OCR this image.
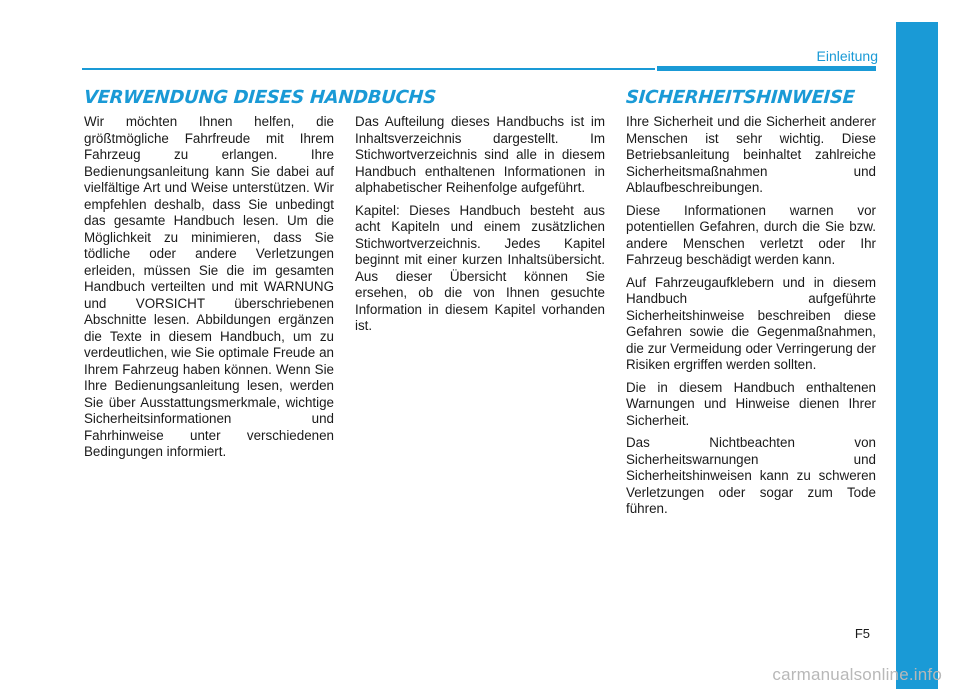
Einleitung
VERWENDUNG DIESES HANDBUCHS	SICHERHEITSHINWEISE

Wir möchten Ihnen helfen, die größtmögliche Fahrfreude mit Ihrem Fahrzeug zu erlangen. Ihre Bedienungsanleitung kann Sie dabei auf vielfältige Art und Weise unterstützen. Wir empfehlen deshalb, dass Sie unbedingt das gesamte Handbuch lesen. Um die Möglichkeit zu minimieren, dass Sie tödliche oder andere Verletzungen erleiden, müssen Sie die im gesamten Handbuch verteilten und mit WARNUNG und VORSICHT überschriebenen Abschnitte lesen. Abbildungen ergänzen die Texte in diesem Handbuch, um zu verdeutlichen, wie Sie optimale Freude an Ihrem Fahrzeug haben können. Wenn Sie Ihre Bedienungsanleitung lesen, werden Sie über Ausstattungsmerkmale, wichtige Sicherheitsinformationen und Fahrhinweise unter verschiedenen Bedingungen informiert.

Das Aufteilung dieses Handbuchs ist im Inhaltsverzeichnis dargestellt. Im Stichwortverzeichnis sind alle in diesem Handbuch enthaltenen Informationen in alphabetischer Reihenfolge aufgeführt.

Kapitel: Dieses Handbuch besteht aus acht Kapiteln und einem zusätzlichen Stichwortverzeichnis. Jedes Kapitel beginnt mit einer kurzen Inhaltsübersicht. Aus dieser Übersicht können Sie ersehen, ob die von Ihnen gesuchte Information in diesem Kapitel vorhanden ist.

Ihre Sicherheit und die Sicherheit anderer Menschen ist sehr wichtig. Diese Betriebsanleitung beinhaltet zahlreiche Sicherheitsmaßnahmen und Ablaufbeschreibungen.

Diese Informationen warnen vor potentiellen Gefahren, durch die Sie bzw. andere Menschen verletzt oder Ihr Fahrzeug beschädigt werden kann.

Auf Fahrzeugaufklebern und in diesem Handbuch aufgeführte Sicherheitshinweise beschreiben diese Gefahren sowie die Gegenmaßnahmen, die zur Vermeidung oder Verringerung der Risiken ergriffen werden sollten.

Die in diesem Handbuch enthaltenen Warnungen und Hinweise dienen Ihrer Sicherheit.

Das Nichtbeachten von Sicherheitswarnungen und Sicherheitshinweisen kann zu schweren Verletzungen oder sogar zum Tode führen.

F5
carmanualsonline.info
